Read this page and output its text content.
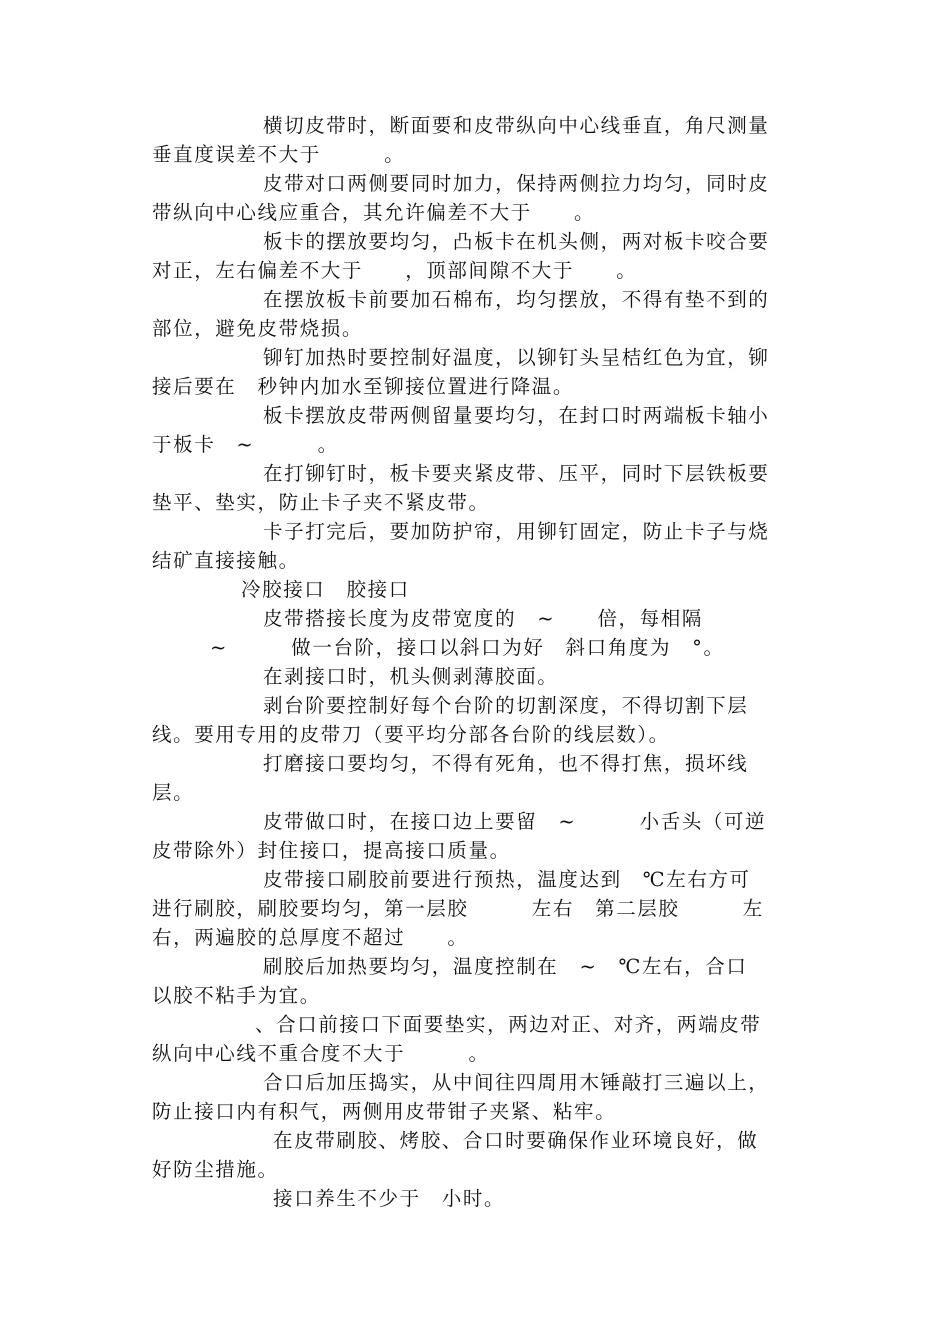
横切皮带时，断面要和皮带纵向中心线垂直，角尺测量
垂直度误差不大于　　　。
皮带对口两侧要同时加力，保持两侧拉力均匀，同时皮
带纵向中心线应重合，其允许偏差不大于　　。
板卡的摆放要均匀，凸板卡在机头侧，两对板卡咬合要
对正，左右偏差不大于　　，顶部间隙不大于　　。
在摆放板卡前要加石棉布，均匀摆放，不得有垫不到的
部位，避免皮带烧损。
铆钉加热时要控制好温度，以铆钉头呈桔红色为宜，铆
接后要在　秒钟内加水至铆接位置进行降温。
板卡摆放皮带两侧留量要均匀，在封口时两端板卡轴小
于板卡　~　　　。
在打铆钉时，板卡要夹紧皮带、压平，同时下层铁板要
垫平、垫实，防止卡子夹不紧皮带。
卡子打完后，要加防护帘，用铆钉固定，防止卡子与烧
结矿直接接触。
冷胶接口　胶接口
皮带搭接长度为皮带宽度的　~　　倍，每相隔
~　　　做一台阶，接口以斜口为好　斜口角度为　°。
在剥接口时，机头侧剥薄胶面。
剥台阶要控制好每个台阶的切割深度，不得切割下层
线。要用专用的皮带刀（要平均分部各台阶的线层数）。
打磨接口要均匀，不得有死角，也不得打焦，损坏线
层。
皮带做口时，在接口边上要留　~　　　小舌头（可逆
皮带除外）封住接口，提高接口质量。
皮带接口刷胶前要进行预热，温度达到　℃左右方可
进行刷胶，刷胶要均匀，第一层胶　　　左右　第二层胶　　　左
右，两遍胶的总厚度不超过　　。
刷胶后加热要均匀，温度控制在　~　℃左右，合口
以胶不粘手为宜。
、合口前接口下面要垫实，两边对正、对齐，两端皮带
纵向中心线不重合度不大于　　　。
合口后加压捣实，从中间往四周用木锤敲打三遍以上，
防止接口内有积气，两侧用皮带钳子夹紧、粘牢。
在皮带刷胶、烤胶、合口时要确保作业环境良好，做
好防尘措施。
接口养生不少于　小时。
